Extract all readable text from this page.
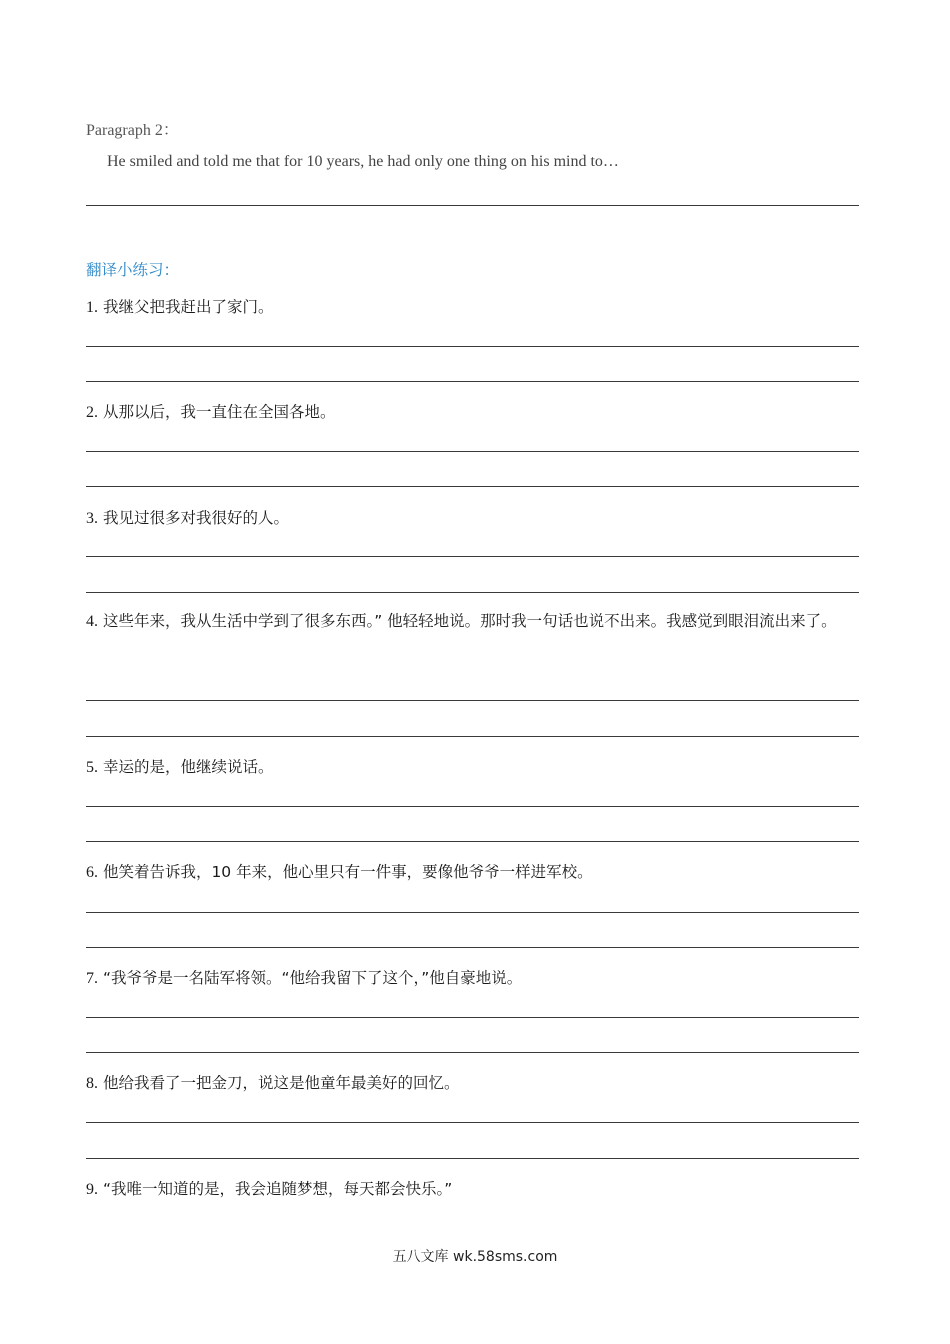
Paragraph 2：
He smiled and told me that for 10 years, he had only one thing on his mind to…
翻译小练习：
1. 我继父把我赶出了家门。
2. 从那以后，我一直住在全国各地。
3. 我见过很多对我很好的人。
4. 这些年来，我从生活中学到了很多东西。” 他轻轻地说。那时我一句话也说不出来。我感觉到眼泪流出来了。
5. 幸运的是，他继续说话。
6. 他笑着告诉我，10 年来，他心里只有一件事，要像他爷爷一样进军校。
7. “我爷爷是一名陆军将领。“他给我留下了这个，”他自豪地说。
8. 他给我看了一把金刀，说这是他童年最美好的回忆。
9. “我唯一知道的是，我会追随梦想，每天都会快乐。”
五八文库 wk.58sms.com
